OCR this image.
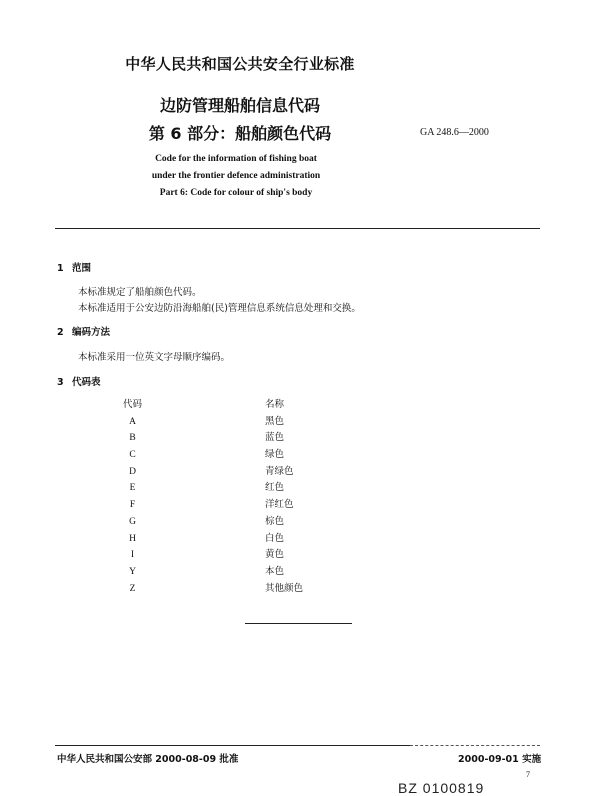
中华人民共和国公共安全行业标准
边防管理船舶信息代码
第 6 部分：船舶颜色代码	GA 248.6—2000
Code for the information of fishing boat
under the frontier defence administration
Part 6: Code for colour of ship's body
1 范围
本标准规定了船舶颜色代码。
本标准适用于公安边防沿海船舶(民)管理信息系统信息处理和交换。
2 编码方法
本标准采用一位英文字母顺序编码。
3 代码表
代码	名称
A	黑色
B	蓝色
C	绿色
D	青绿色
E	红色
F	洋红色
G	棕色
H	白色
I	黄色
Y	本色
Z	其他颜色
中华人民共和国公安部 2000-08-09 批准	2000-09-01 实施
7
BZ 0100819
